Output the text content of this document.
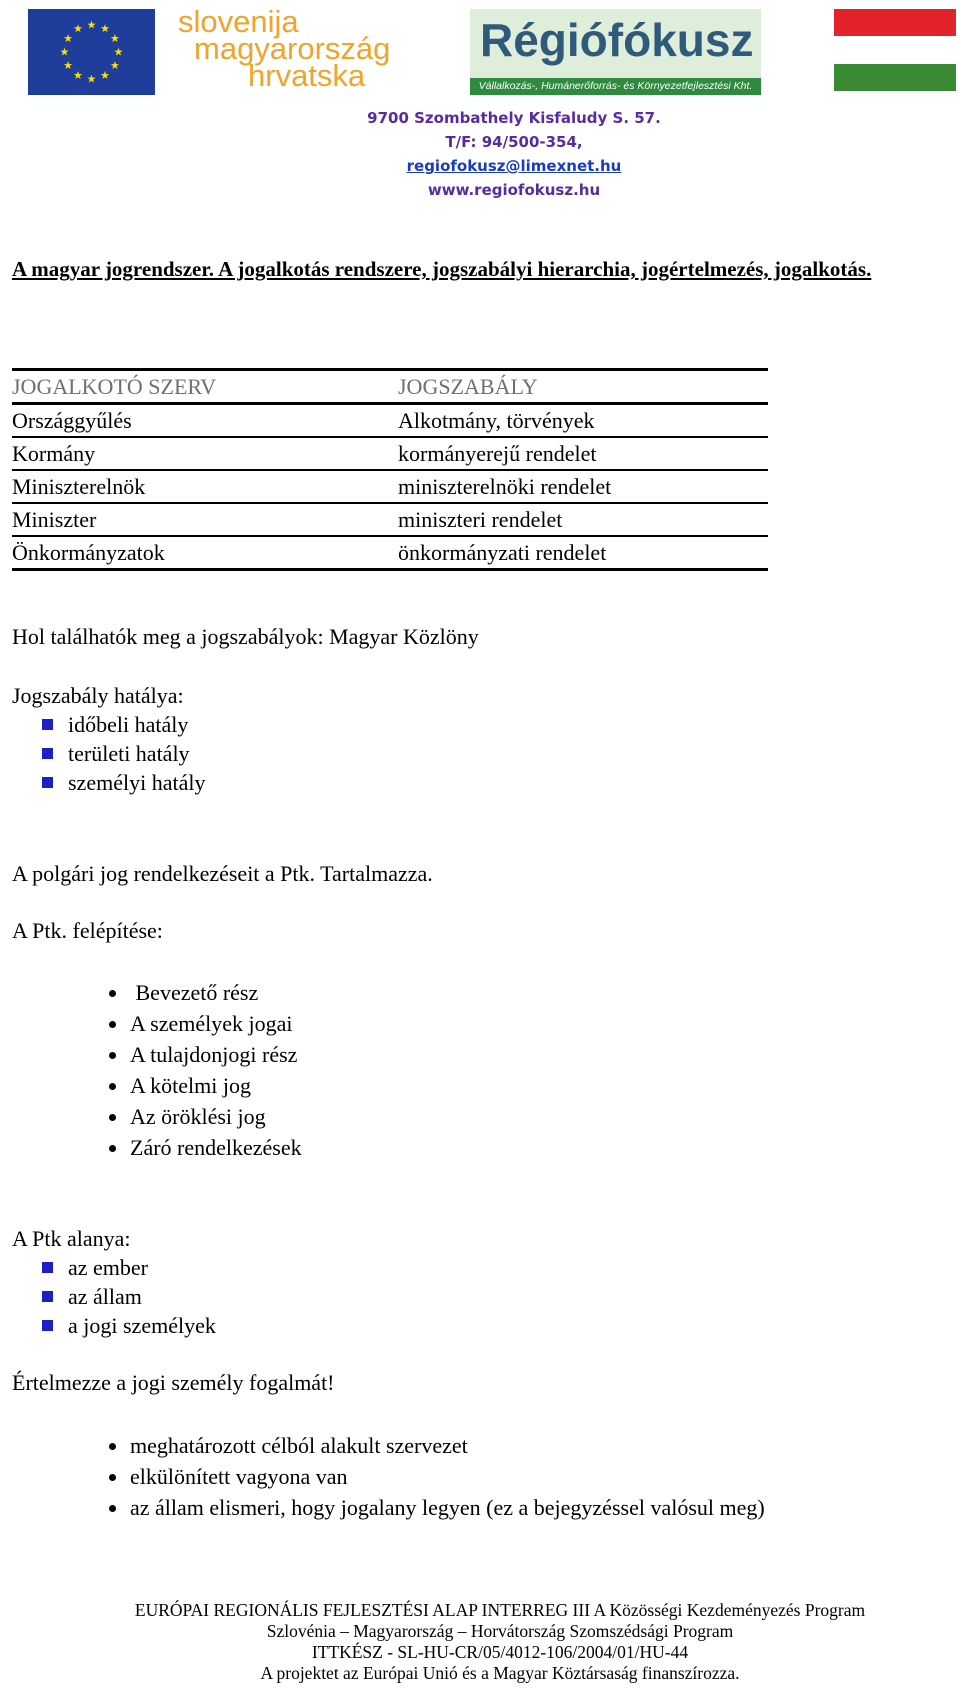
slovenija
magyarország
hrvatska
Régiófókusz
Vállalkozás-, Humánerőforrás- és Környezetfejlesztési Kht.
9700 Szombathely Kisfaludy S. 57.
T/F: 94/500-354, regiofokusz@limexnet.hu
www.regiofokusz.hu
A magyar jogrendszer. A jogalkotás rendszere, jogszabályi hierarchia, jogértelmezés, jogalkotás.
JOGALKOTÓ SZERV	JOGSZABÁLY
Országgyűlés	Alkotmány, törvények
Kormány	kormányerejű rendelet
Miniszterelnök	miniszterelnöki rendelet
Miniszter	miniszteri rendelet
Önkormányzatok	önkormányzati rendelet

Hol találhatók meg a jogszabályok: Magyar Közlöny

Jogszabály hatálya:

időbeli hatály
területi hatály
személyi hatály

A polgári jog rendelkezéseit a Ptk. Tartalmazza.

A Ptk. felépítése:

Bevezető rész
A személyek jogai
A tulajdonjogi rész
A kötelmi jog
Az öröklési jog
Záró rendelkezések

A Ptk alanya:

az ember
az állam
a jogi személyek

Értelmezze a jogi személy fogalmát!

meghatározott célból alakult szervezet
elkülönített vagyona van
az állam elismeri, hogy jogalany legyen (ez a bejegyzéssel valósul meg)
EURÓPAI REGIONÁLIS FEJLESZTÉSI ALAP INTERREG III A Közösségi Kezdeményezés Program
Szlovénia – Magyarország – Horvátország Szomszédsági Program
ITTKÉSZ - SL-HU-CR/05/4012-106/2004/01/HU-44
A projektet az Európai Unió és a Magyar Köztársaság finanszírozza.
